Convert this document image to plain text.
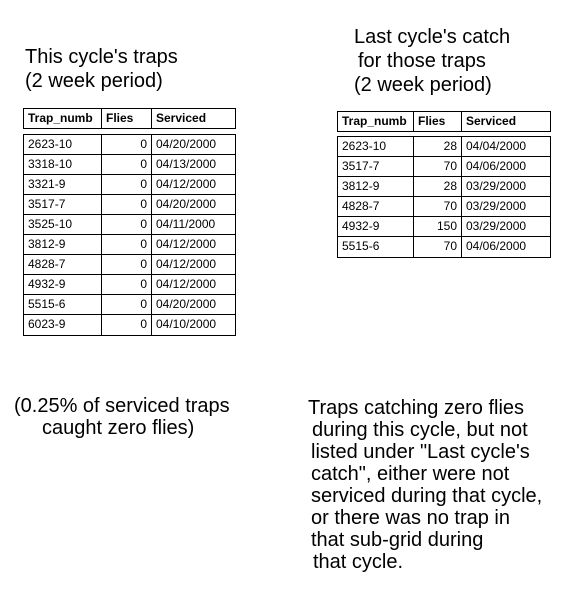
This cycle's traps
(2 week period)
Last cycle's catch
for those traps
(2 week period)
Trap_numb	Flies	Serviced
2623-10	0 04/20/2000
3318-10	0 04/13/2000
3321-9	0 04/12/2000
3517-7	0 04/20/2000
3525-10	0 04/11/2000
3812-9	0 04/12/2000
4828-7	0 04/12/2000
4932-9	0 04/12/2000
5515-6	0 04/20/2000
6023-9	0 04/10/2000
Trap_numb Flies	Serviced
2623-10	28 04/04/2000
3517-7	70 04/06/2000
3812-9	28 03/29/2000
4828-7	70 03/29/2000
4932-9	150 03/29/2000
5515-6	70 04/06/2000
(0.25% of serviced traps
caught zero flies)
Traps catching zero flies
during this cycle, but not
listed under "Last cycle's
catch", either were not
serviced during that cycle,
or there was no trap in
that sub-grid during
that cycle.
